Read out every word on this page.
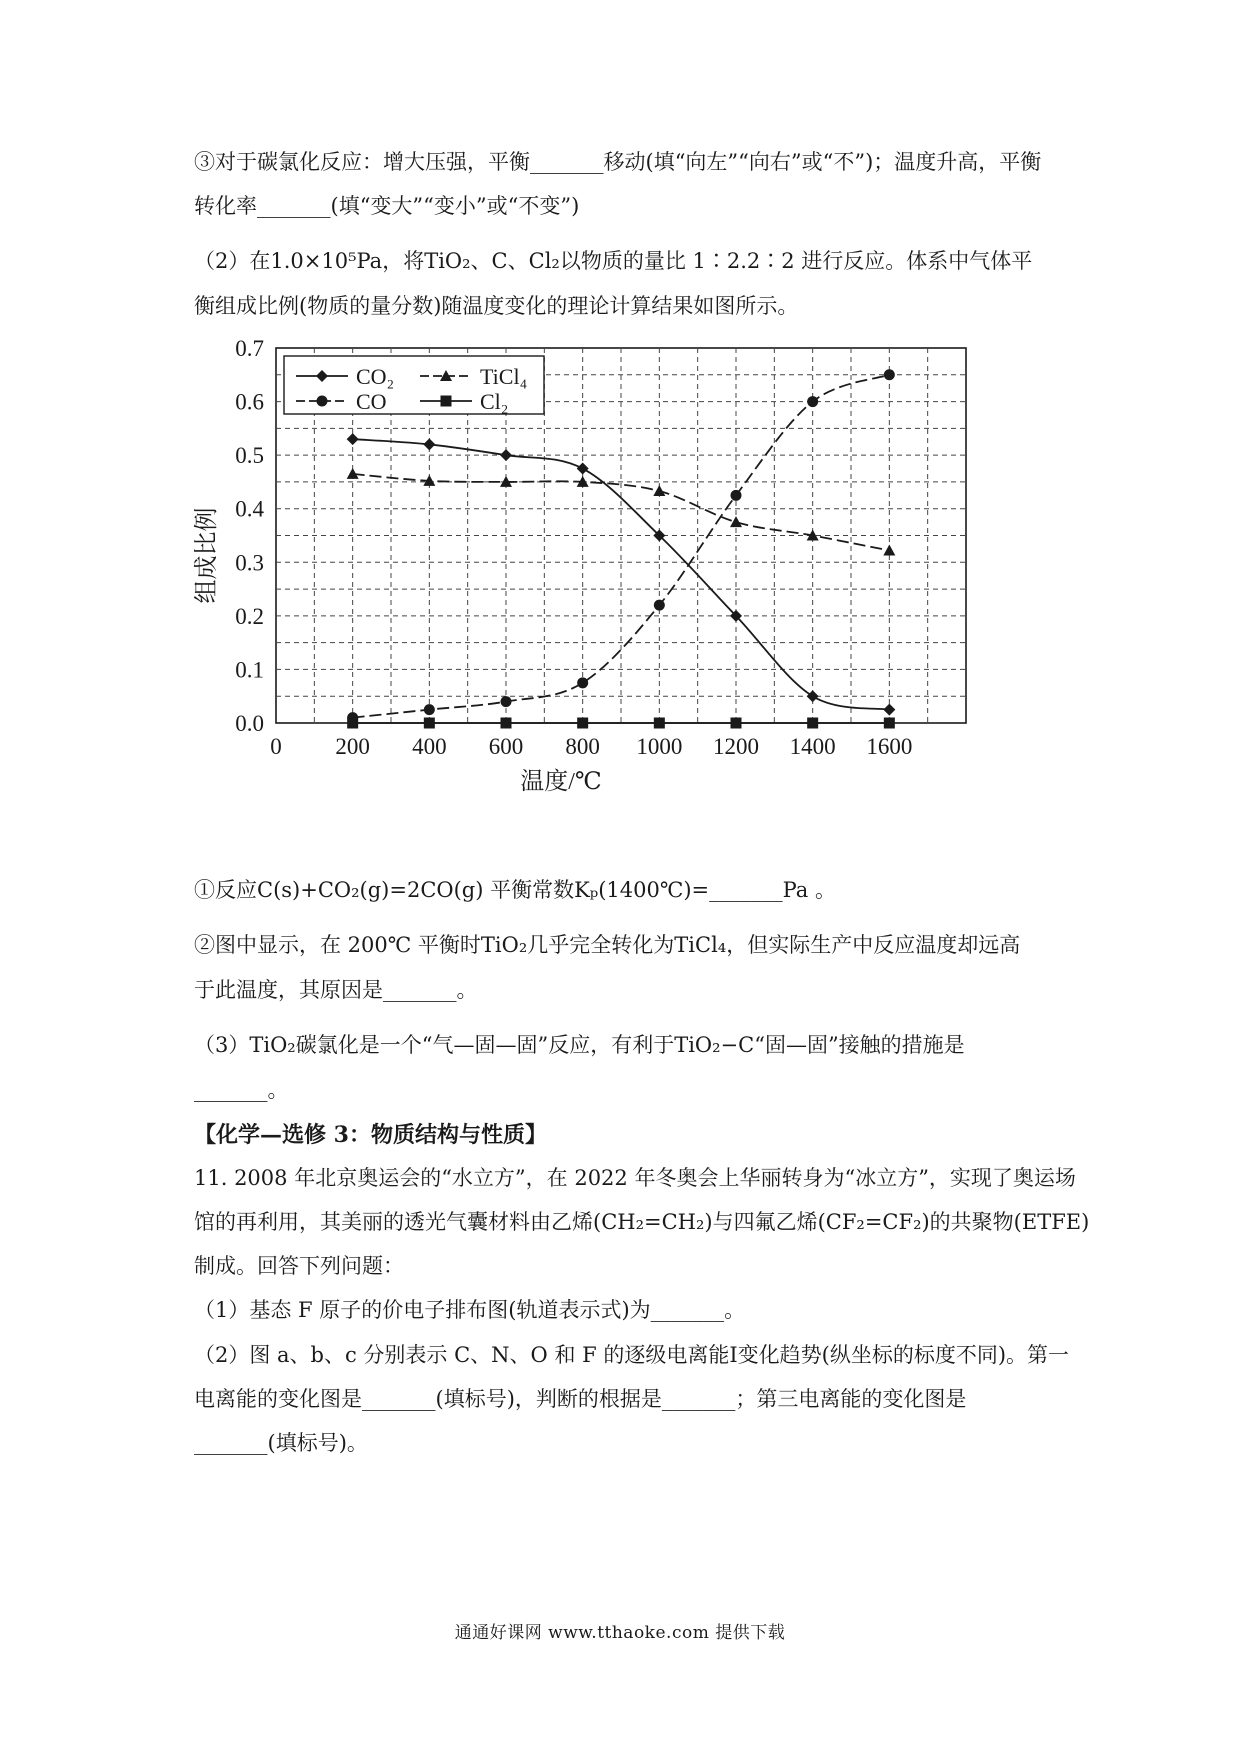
③对于碳氯化反应：增大压强，平衡_______移动(填“向左”“向右”或“不”)；温度升高，平衡
转化率_______(填“变大”“变小”或“不变”)
（2）在1.0×10⁵Pa，将TiO₂、C、Cl₂以物质的量比 1∶2.2∶2 进行反应。体系中气体平
衡组成比例(物质的量分数)随温度变化的理论计算结果如图所示。
0.0
0.1
0.2
0.3
0.4
0.5
0.6
0.7
0 200 400 600 800 1000 1200 1400 1600
温度/℃
组成比例
CO₂	TiCl₄
CO	Cl₂
①反应C(s)+CO₂(g)=2CO(g) 平衡常数Kₚ(1400℃)=_______Pa 。
②图中显示，在 200℃ 平衡时TiO₂几乎完全转化为TiCl₄，但实际生产中反应温度却远高
于此温度，其原因是_______。
（3）TiO₂碳氯化是一个“气—固—固”反应，有利于TiO₂−C“固—固”接触的措施是
_______。
【化学—选修 3：物质结构与性质】
11. 2008 年北京奥运会的“水立方”，在 2022 年冬奥会上华丽转身为“冰立方”，实现了奥运场
馆的再利用，其美丽的透光气囊材料由乙烯(CH₂=CH₂)与四氟乙烯(CF₂=CF₂)的共聚物(ETFE)
制成。回答下列问题：
（1）基态 F 原子的价电子排布图(轨道表示式)为_______。
（2）图 a、b、c 分别表示 C、N、O 和 F 的逐级电离能I变化趋势(纵坐标的标度不同)。第一
电离能的变化图是_______(填标号)，判断的根据是_______；第三电离能的变化图是
_______(填标号)。
通通好课网 www.tthaoke.com 提供下载
